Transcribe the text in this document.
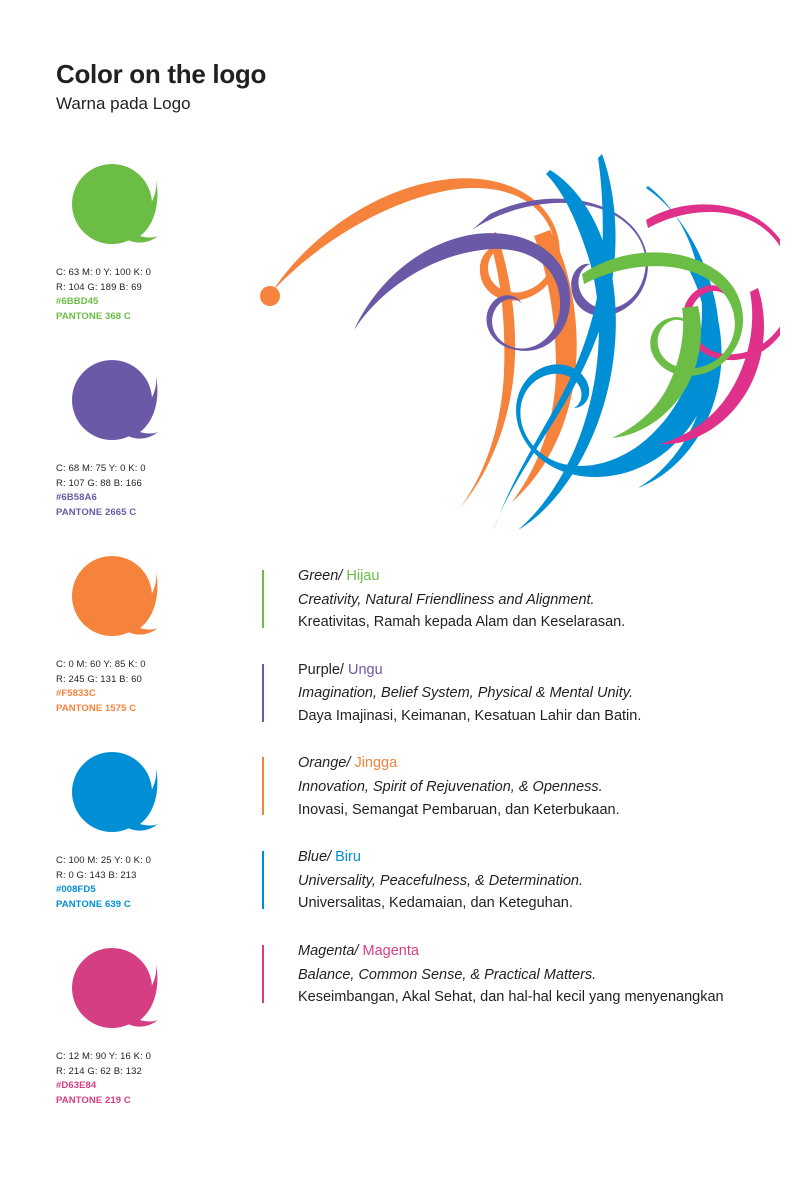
Color on the logo
Warna pada Logo
C: 63 M: 0 Y: 100 K: 0
R: 104 G: 189 B: 69
#6BBD45
PANTONE 368 C
C: 68 M: 75 Y: 0 K: 0
R: 107 G: 88 B: 166
#6B58A6
PANTONE 2665 C
C: 0 M: 60 Y: 85 K: 0
R: 245 G: 131 B: 60
#F5833C
PANTONE 1575 C
C: 100 M: 25 Y: 0 K: 0
R: 0 G: 143 B: 213
#008FD5
PANTONE 639 C
C: 12 M: 90 Y: 16 K: 0
R: 214 G: 62 B: 132
#D63E84
PANTONE 219 C
Green/ Hijau
Creativity, Natural Friendliness and Alignment.
Kreativitas, Ramah kepada Alam dan Keselarasan.
Purple/ Ungu
Imagination, Belief System, Physical & Mental Unity.
Daya Imajinasi, Keimanan, Kesatuan Lahir dan Batin.
Orange/ Jingga
Innovation, Spirit of Rejuvenation, & Openness.
Inovasi, Semangat Pembaruan, dan Keterbukaan.
Blue/ Biru
Universality, Peacefulness, & Determination.
Universalitas, Kedamaian, dan Keteguhan.
Magenta/ Magenta
Balance, Common Sense, & Practical Matters.
Keseimbangan, Akal Sehat, dan hal-hal kecil yang menyenangkan
